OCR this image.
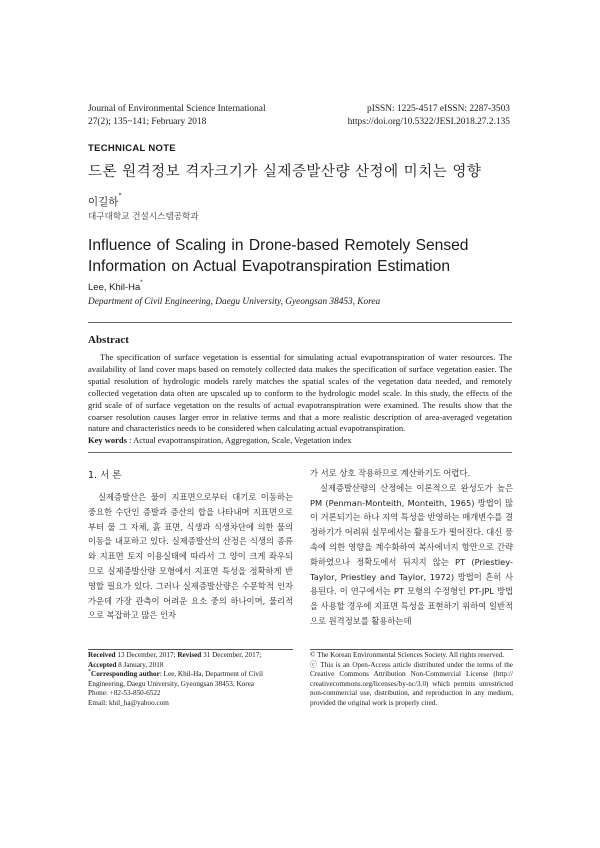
Journal of Environmental Science International
27(2); 135~141; February 2018
pISSN: 1225-4517 eISSN: 2287-3503
https://doi.org/10.5322/JESI.2018.27.2.135
TECHNICAL NOTE
드론 원격정보 격자크기가 실제증발산량 산정에 미치는 영향
이길하*
대구대학교 건설시스템공학과
Influence of Scaling in Drone-based Remotely Sensed Information on Actual Evapotranspiration Estimation
Lee, Khil-Ha*
Department of Civil Engineering, Daegu University, Gyeongsan 38453, Korea
Abstract
The specification of surface vegetation is essential for simulating actual evapotranspiration of water resources. The availability of land cover maps based on remotely collected data makes the specification of surface vegetation easier. The spatial resolution of hydrologic models rarely matches the spatial scales of the vegetation data needed, and remotely collected vegetation data often are upscaled up to conform to the hydrologic model scale. In this study, the effects of the grid scale of of surface vegetation on the results of actual evapotranspiration were examined. The results show that the coarser resolution causes larger error in relative terms and that a more realistic description of area-averaged vegetation nature and characteristics needs to be considered when calculating actual evapotranspiration.
Key words : Actual evapotranspiration, Aggregation, Scale, Vegetation index
1. 서 론

실제증발산은 물이 지표면으로부터 대기로 이동하는 중요한 수단인 증발과 증산의 합을 나타내며 지표면으로부터 물 그 자체, 흙 표면, 식생과 식생차단에 의한 물의 이동을 내포하고 있다. 실제증발산의 산정은 식생의 종류와 지표면 토지 이용실태에 따라서 그 양이 크게 좌우되므로 실제증발산량 모형에서 지표면 특성을 정확하게 반영할 필요가 있다. 그러나 실제증발산량은 수문학적 인자 가운데 가장 관측이 어려운 요소 중의 하나이며, 물리적으로 복잡하고 많은 인자

가 서로 상호 작용하므로 계산하기도 어렵다.

실제증발산량의 산정에는 이론적으로 완성도가 높은 PM (Penman-Monteith, Monteith, 1965) 방법이 많이 거론되기는 하나 지역 특성을 반영하는 매개변수를 결정하기가 어려워 실무에서는 활용도가 떨어진다. 대신 풍속에 의한 영향을 계수화하여 복사에너지 항만으로 간략화하였으나 정확도에서 뒤지지 않는 PT (Priestley-Taylor, Priestley and Taylor, 1972) 방법이 흔히 사용된다. 이 연구에서는 PT 모형의 수정형인 PT-JPL 방법을 사용할 경우에 지표면 특성을 표현하기 위하여 일반적으로 원격정보를 활용하는데

Received 13 December, 2017; Revised 31 December, 2017;
Accepted 8 January, 2018
*Corresponding author: Lee, Khil-Ha, Department of Civil Engineering, Daegu University, Gyeongsan 38453, Korea
Phone: +82-53-850-6522
Email: khil_ha@yahoo.com
© The Korean Environmental Sciences Society. All rights reserved.
ⓒ This is an Open-Access article distributed under the terms of the Creative Commons Attribution Non-Commercial License (http:// creativecommons.org/licenses/by-nc/3.0) which permits unrestricted non-commercial use, distribution, and reproduction in any medium, provided the original work is properly cited.
